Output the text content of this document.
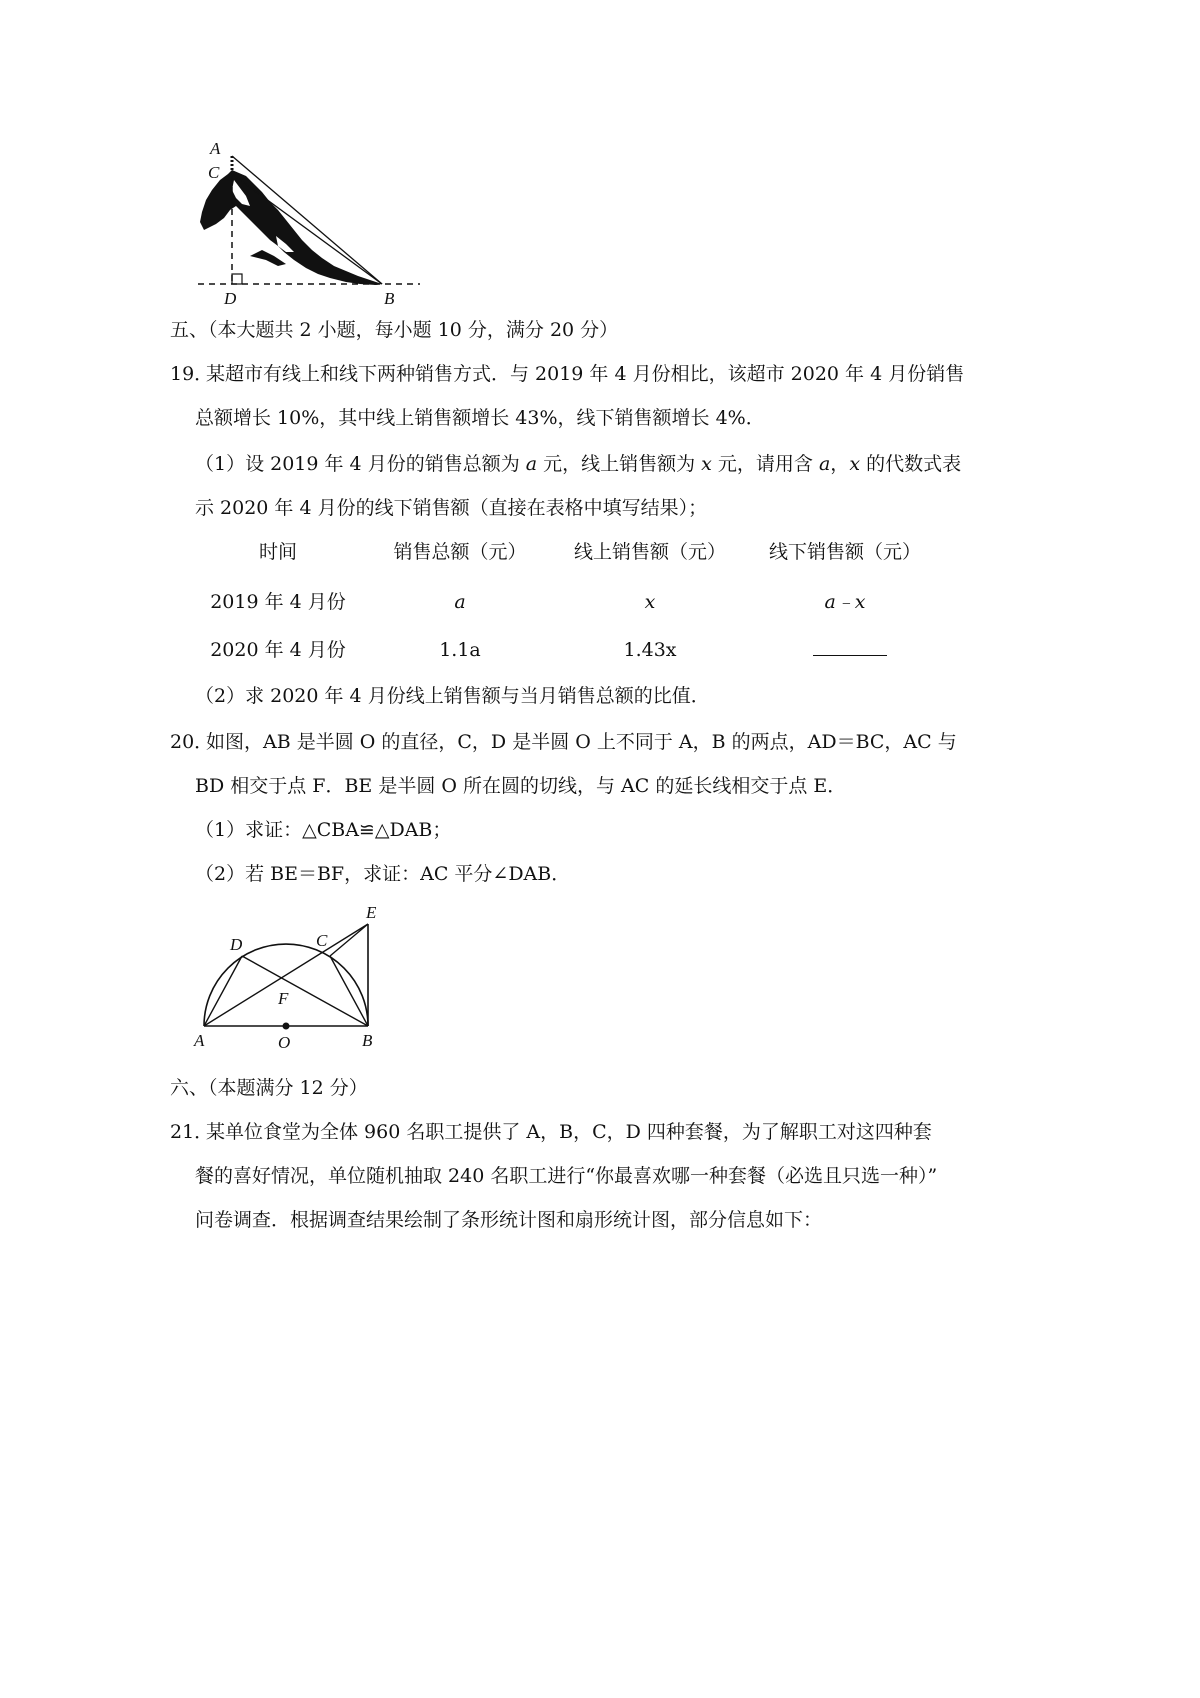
A
C
D	B
五、（本大题共 2 小题，每小题 10 分，满分 20 分）
19．
某超市有线上和线下两种销售方式．与 2019 年 4 月份相比，该超市 2020 年 4 月份销售
总额增长 10%，其中线上销售额增长 43%，线下销售额增长 4%．
（1）设 2019 年 4 月份的销售总额为 a 元，线上销售额为 x 元，请用含 a，x 的代数式表
示 2020 年 4 月份的线下销售额（直接在表格中填写结果）；
时间	销售总额（元）	线上销售额（元）	线下销售额（元）
2019 年 4 月份	a	x	a﹣x
2020 年 4 月份	1.1a	1.43x
（2）求 2020 年 4 月份线上销售额与当月销售总额的比值．
20．
如图，AB 是半圆 O 的直径，C，D 是半圆 O 上不同于 A，B 的两点，AD＝BC，AC 与
BD 相交于点 F．BE 是半圆 O 所在圆的切线，与 AC 的延长线相交于点 E．
（1）求证：△CBA≌△DAB；
（2）若 BE＝BF，求证：AC 平分∠DAB．
E
D	C
F
A	O	B
六、（本题满分 12 分）
21．
某单位食堂为全体 960 名职工提供了 A，B，C，D 四种套餐，为了解职工对这四种套
餐的喜好情况，单位随机抽取 240 名职工进行“你最喜欢哪一种套餐（必选且只选一种）”
问卷调查．根据调查结果绘制了条形统计图和扇形统计图，部分信息如下：
